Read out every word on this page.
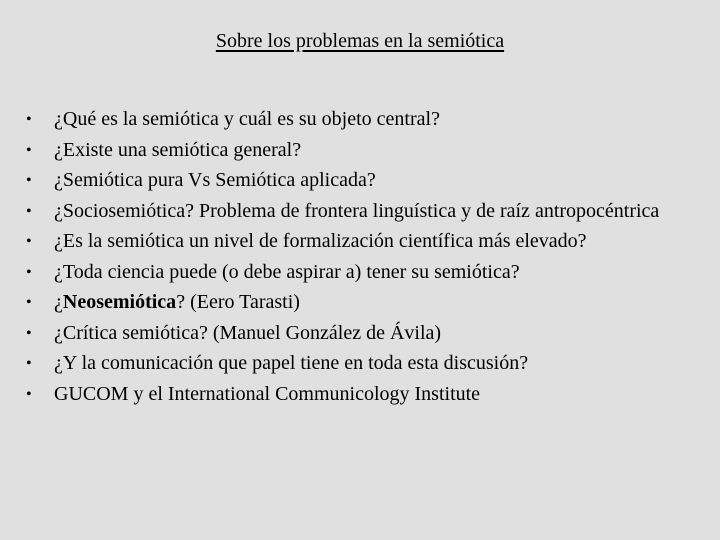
Sobre los problemas en la semiótica
• ¿Qué es la semiótica y cuál es su objeto central?
• ¿Existe una semiótica general?
• ¿Semiótica pura Vs Semiótica aplicada?
• ¿Sociosemiótica? Problema de frontera linguística y de raíz antropocéntrica
• ¿Es la semiótica un nivel de formalización científica más elevado?
• ¿Toda ciencia puede (o debe aspirar a) tener su semiótica?
• ¿Neosemiótica? (Eero Tarasti)
• ¿Crítica semiótica? (Manuel González de Ávila)
• ¿Y la comunicación que papel tiene en toda esta discusión?
• GUCOM y el International Communicology Institute
